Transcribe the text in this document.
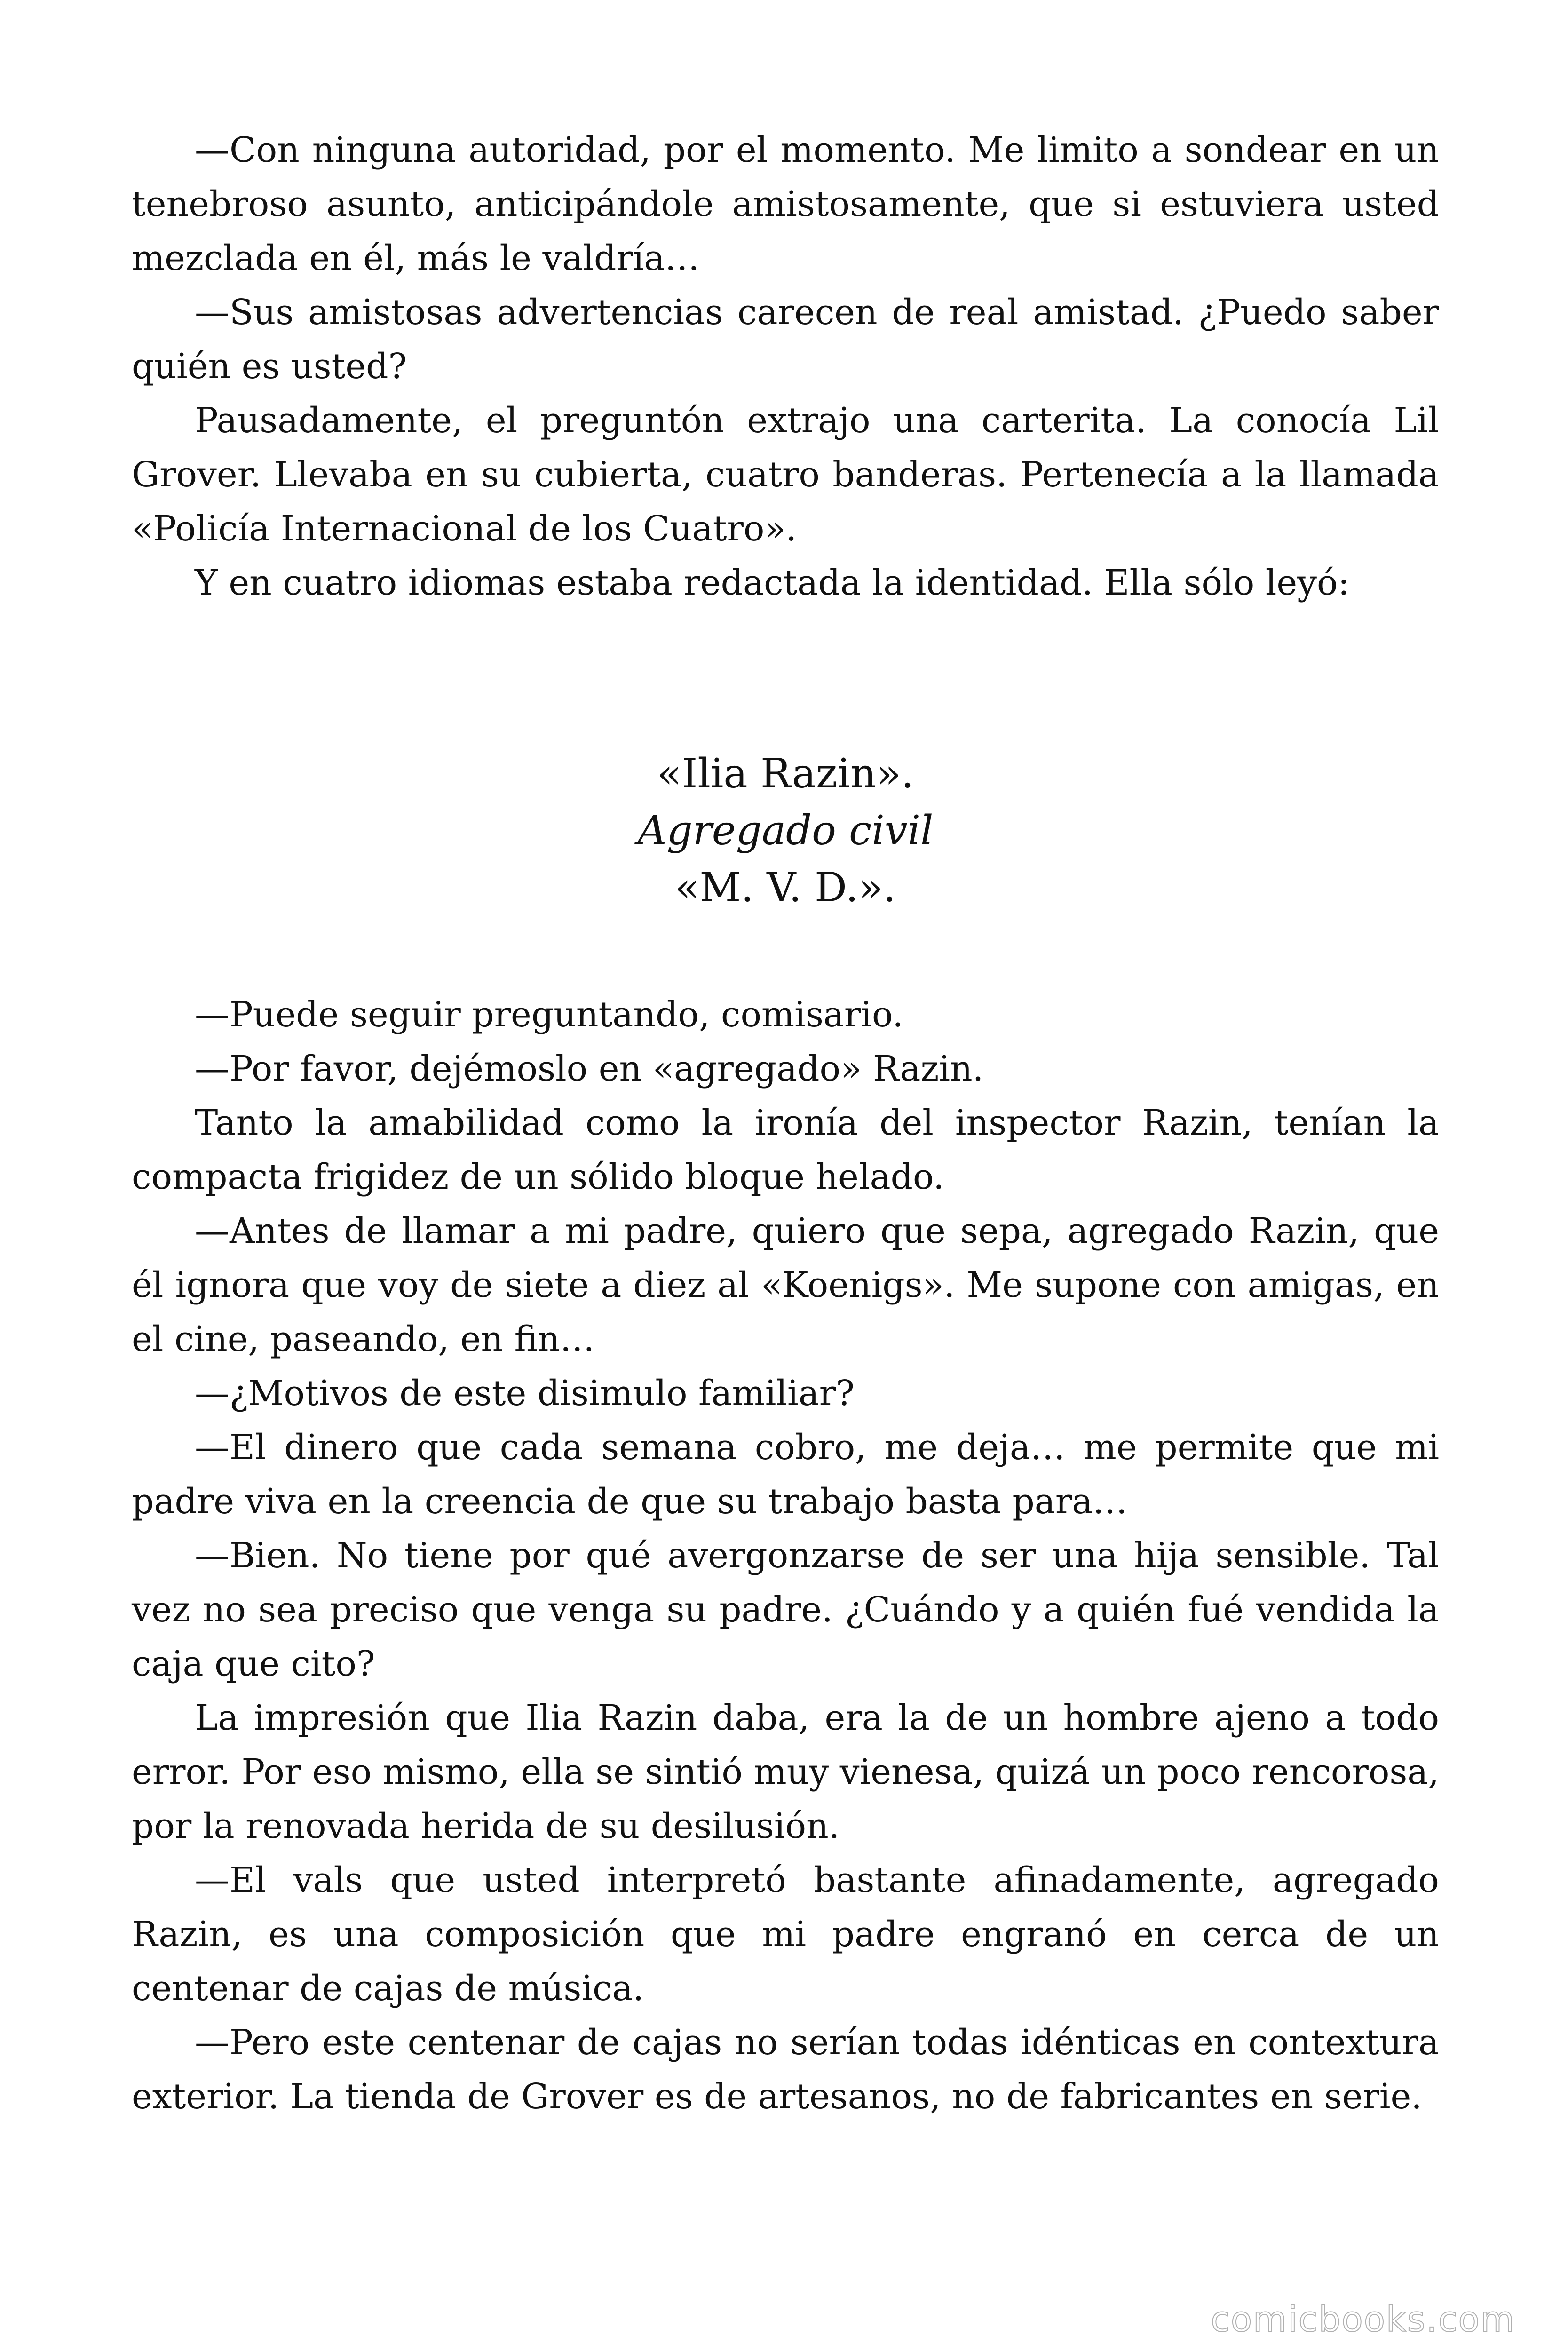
—Con ninguna autoridad, por el momento. Me limito a sondear en un tenebroso asunto, anticipándole amistosamente, que si estuviera usted mezclada en él, más le valdría…

—Sus amistosas advertencias carecen de real amistad. ¿Puedo saber quién es usted?

Pausadamente, el preguntón extrajo una carterita. La conocía Lil Grover. Llevaba en su cubierta, cuatro banderas. Pertenecía a la llamada «Policía Internacional de los Cuatro».

Y en cuatro idiomas estaba redactada la identidad. Ella sólo leyó:

«Ilia Razin».
Agregado civil
«M. V. D.».

—Puede seguir preguntando, comisario.

—Por favor, dejémoslo en «agregado» Razin.

Tanto la amabilidad como la ironía del inspector Razin, tenían la compacta frigidez de un sólido bloque helado.

—Antes de llamar a mi padre, quiero que sepa, agregado Razin, que él ignora que voy de siete a diez al «Koenigs». Me supone con amigas, en el cine, paseando, en fin…

—¿Motivos de este disimulo familiar?

—El dinero que cada semana cobro, me deja… me permite que mi padre viva en la creencia de que su trabajo basta para…

—Bien. No tiene por qué avergonzarse de ser una hija sensible. Tal vez no sea preciso que venga su padre. ¿Cuándo y a quién fué vendida la caja que cito?

La impresión que Ilia Razin daba, era la de un hombre ajeno a todo error. Por eso mismo, ella se sintió muy vienesa, quizá un poco rencorosa, por la renovada herida de su desilusión.

—El vals que usted interpretó bastante afinadamente, agregado Razin, es una composición que mi padre engranó en cerca de un centenar de cajas de música.

—Pero este centenar de cajas no serían todas idénticas en contextura exterior. La tienda de Grover es de artesanos, no de fabricantes en serie.

comicbooks.com
